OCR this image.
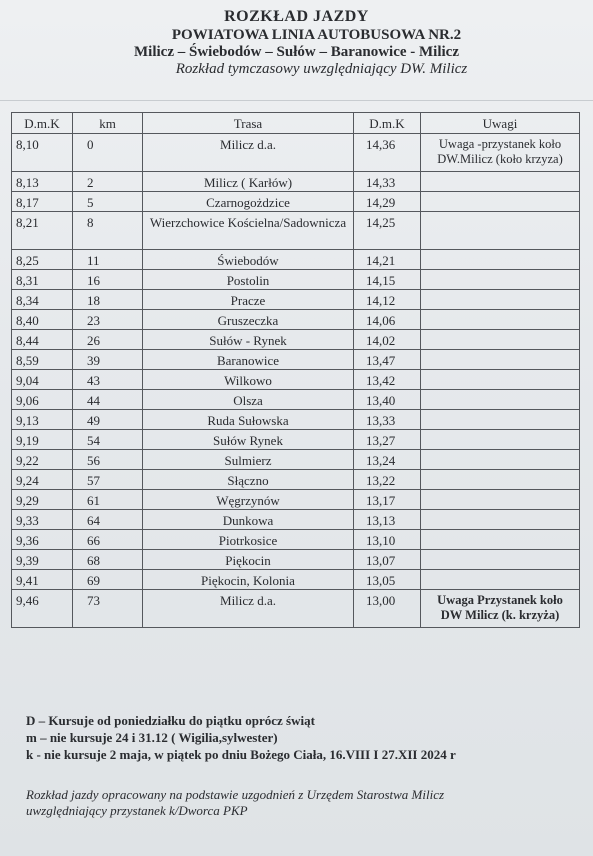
ROZKŁAD JAZDY
POWIATOWA LINIA AUTOBUSOWA NR.2
Milicz – Świebodów – Sułów – Baranowice - Milicz
Rozkład tymczasowy uwzględniający DW. Milicz
D.m.K	km	Trasa	D.m.K	Uwagi
8,10	0	Milicz d.a.	14,36	Uwaga -przystanek koło DW.Milicz (koło krzyza)
8,13	2	Milicz ( Karłów)	14,33	
8,17	5	Czarnogożdzice	14,29	
8,21	8	Wierzchowice Kościelna/Sadownicza	14,25	
8,25	11	Świebodów	14,21	
8,31	16	Postolin	14,15	
8,34	18	Pracze	14,12	
8,40	23	Gruszeczka	14,06	
8,44	26	Sułów - Rynek	14,02	
8,59	39	Baranowice	13,47	
9,04	43	Wilkowo	13,42	
9,06	44	Olsza	13,40	
9,13	49	Ruda Sułowska	13,33	
9,19	54	Sułów Rynek	13,27	
9,22	56	Sulmierz	13,24	
9,24	57	Słączno	13,22	
9,29	61	Węgrzynów	13,17	
9,33	64	Dunkowa	13,13	
9,36	66	Piotrkosice	13,10	
9,39	68	Piękocin	13,07	
9,41	69	Piękocin, Kolonia	13,05	
9,46	73	Milicz d.a.	13,00	Uwaga Przystanek koło DW Milicz (k. krzyża)
D – Kursuje od poniedziałku do piątku oprócz świąt
m – nie kursuje 24 i 31.12 ( Wigilia,sylwester)
k - nie kursuje 2 maja, w piątek po dniu Bożego Ciała, 16.VIII I 27.XII 2024 r
Rozkład jazdy opracowany na podstawie uzgodnień z Urzędem Starostwa Milicz
uwzględniający przystanek k/Dworca PKP
